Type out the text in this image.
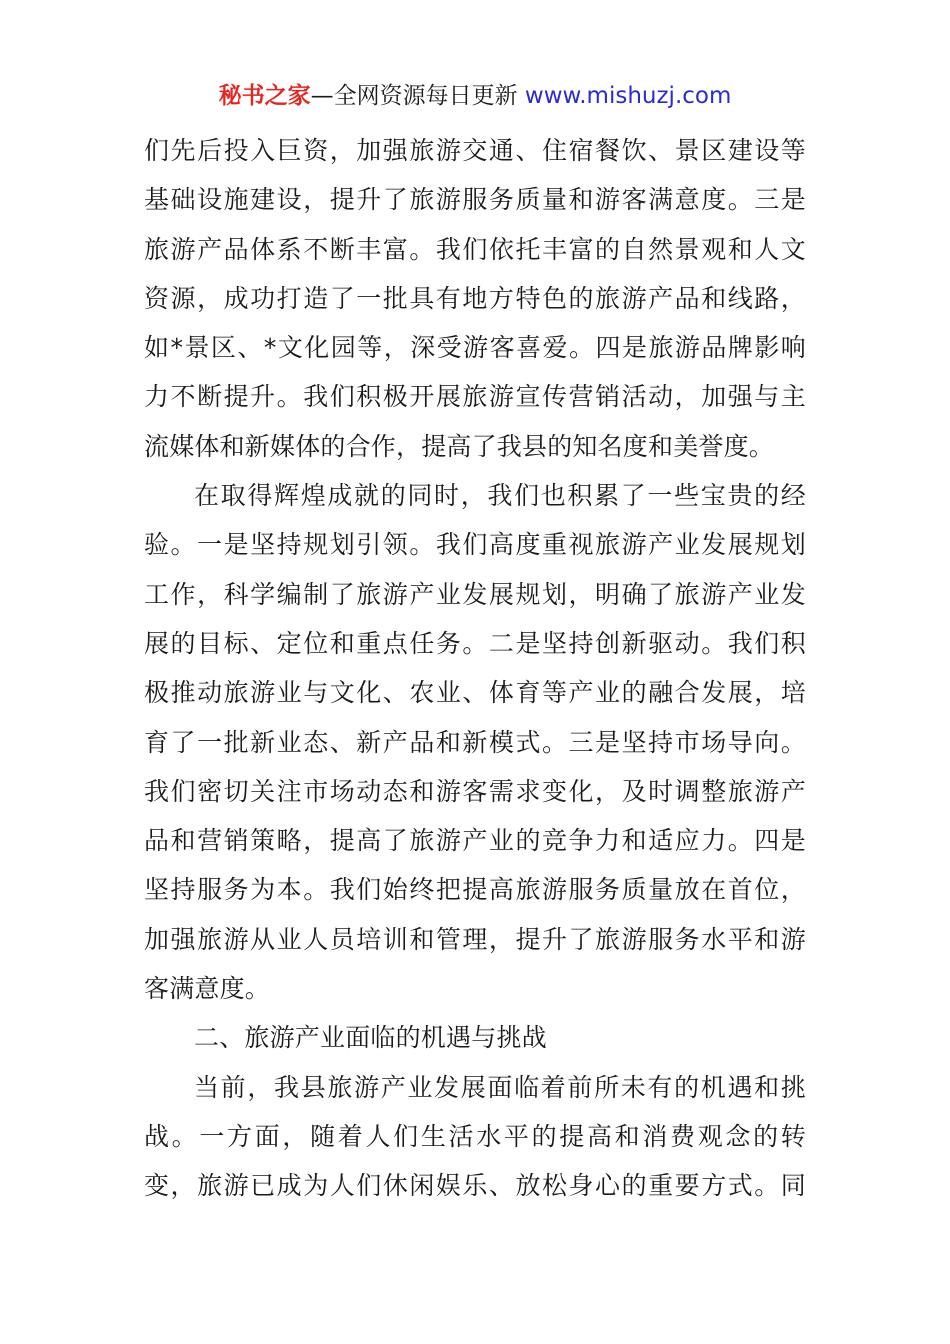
秘书之家—全网资源每日更新 www.mishuzj.com
们先后投入巨资，加强旅游交通、住宿餐饮、景区建设等
基础设施建设，提升了旅游服务质量和游客满意度。三是
旅游产品体系不断丰富。我们依托丰富的自然景观和人文
资源，成功打造了一批具有地方特色的旅游产品和线路，
如*景区、*文化园等，深受游客喜爱。四是旅游品牌影响
力不断提升。我们积极开展旅游宣传营销活动，加强与主
流媒体和新媒体的合作，提高了我县的知名度和美誉度。
在取得辉煌成就的同时，我们也积累了一些宝贵的经
验。一是坚持规划引领。我们高度重视旅游产业发展规划
工作，科学编制了旅游产业发展规划，明确了旅游产业发
展的目标、定位和重点任务。二是坚持创新驱动。我们积
极推动旅游业与文化、农业、体育等产业的融合发展，培
育了一批新业态、新产品和新模式。三是坚持市场导向。
我们密切关注市场动态和游客需求变化，及时调整旅游产
品和营销策略，提高了旅游产业的竞争力和适应力。四是
坚持服务为本。我们始终把提高旅游服务质量放在首位，
加强旅游从业人员培训和管理，提升了旅游服务水平和游
客满意度。
二、旅游产业面临的机遇与挑战
当前，我县旅游产业发展面临着前所未有的机遇和挑
战。一方面，随着人们生活水平的提高和消费观念的转
变，旅游已成为人们休闲娱乐、放松身心的重要方式。同
